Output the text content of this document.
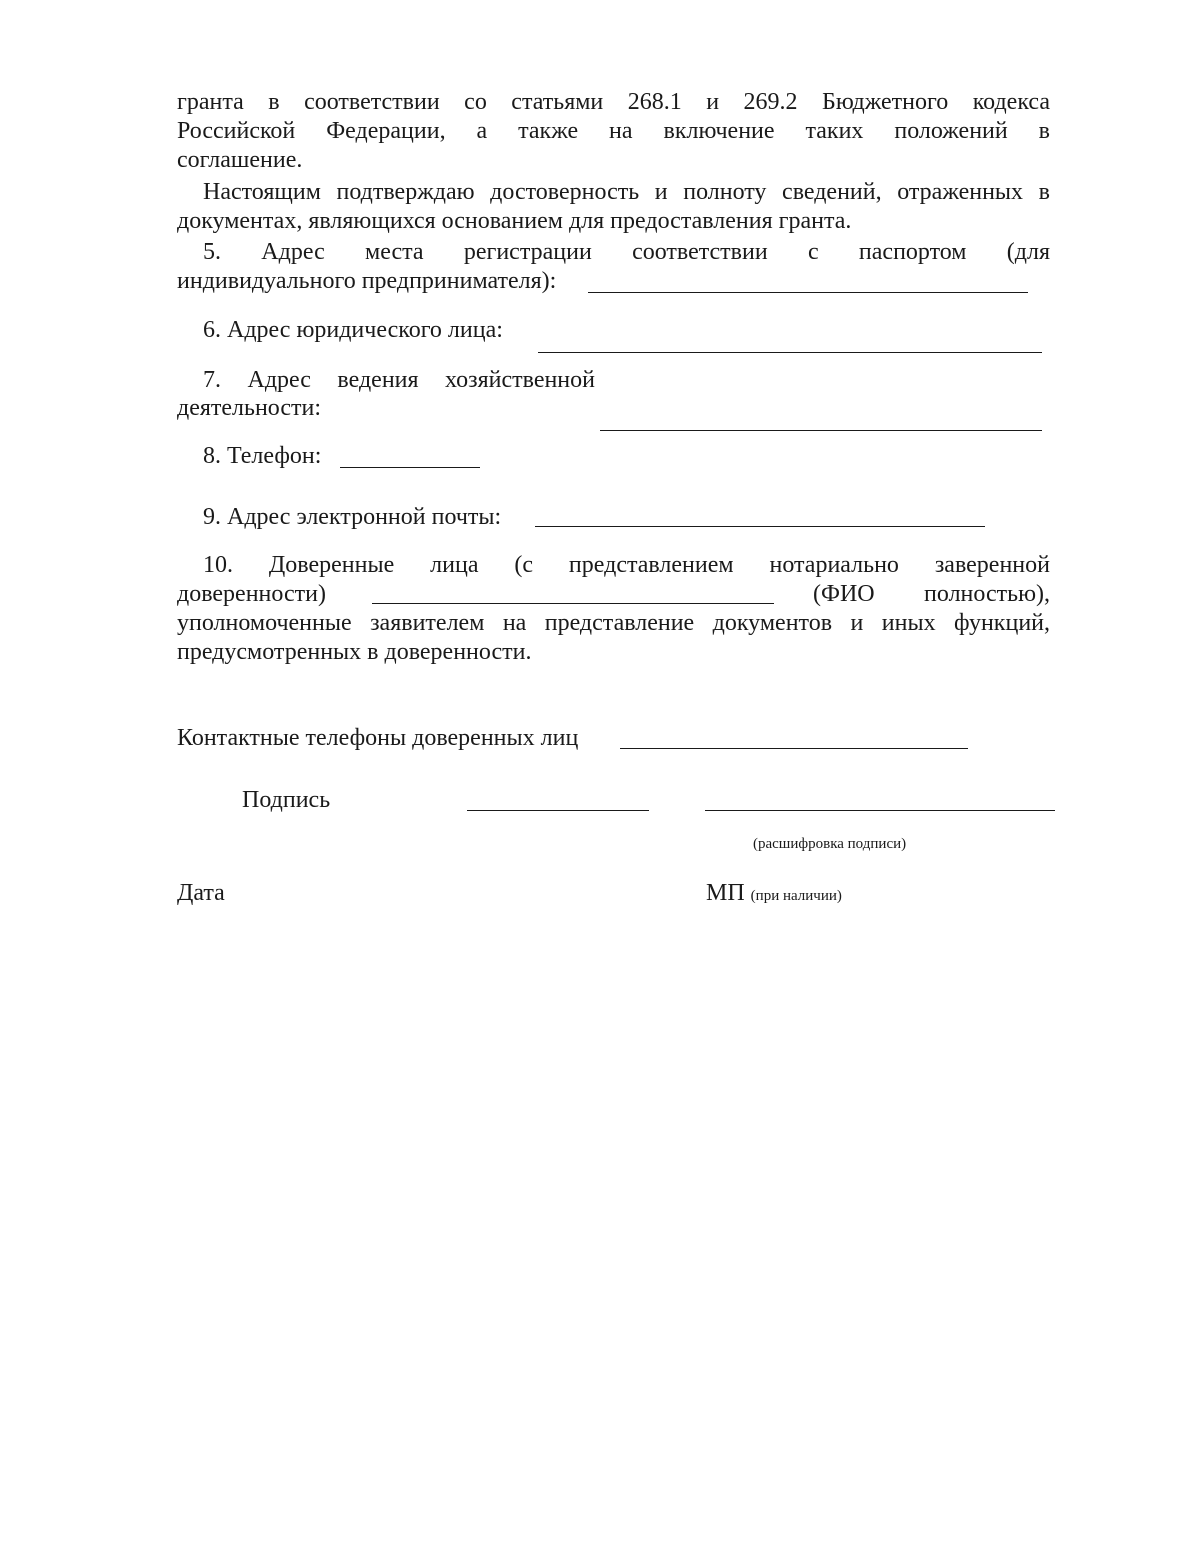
гранта в соответствии со статьями 268.1 и 269.2 Бюджетного кодекса
Российской Федерации, а также на включение таких положений в
соглашение.
Настоящим подтверждаю достоверность и полноту сведений, отраженных в
документах, являющихся основанием для предоставления гранта.
5. Адрес места регистрации соответствии с паспортом (для
индивидуального предпринимателя):
6. Адрес юридического лица:
7. Адрес ведения хозяйственной
деятельности:
8. Телефон:
9. Адрес электронной почты:
10. Доверенные лица (с представлением нотариально заверенной
доверенности)	(ФИО полностью),
уполномоченные заявителем на представление документов и иных функций,
предусмотренных в доверенности.
Контактные телефоны доверенных лиц
Подпись
(расшифровка подписи)
Дата	МП (при наличии)
